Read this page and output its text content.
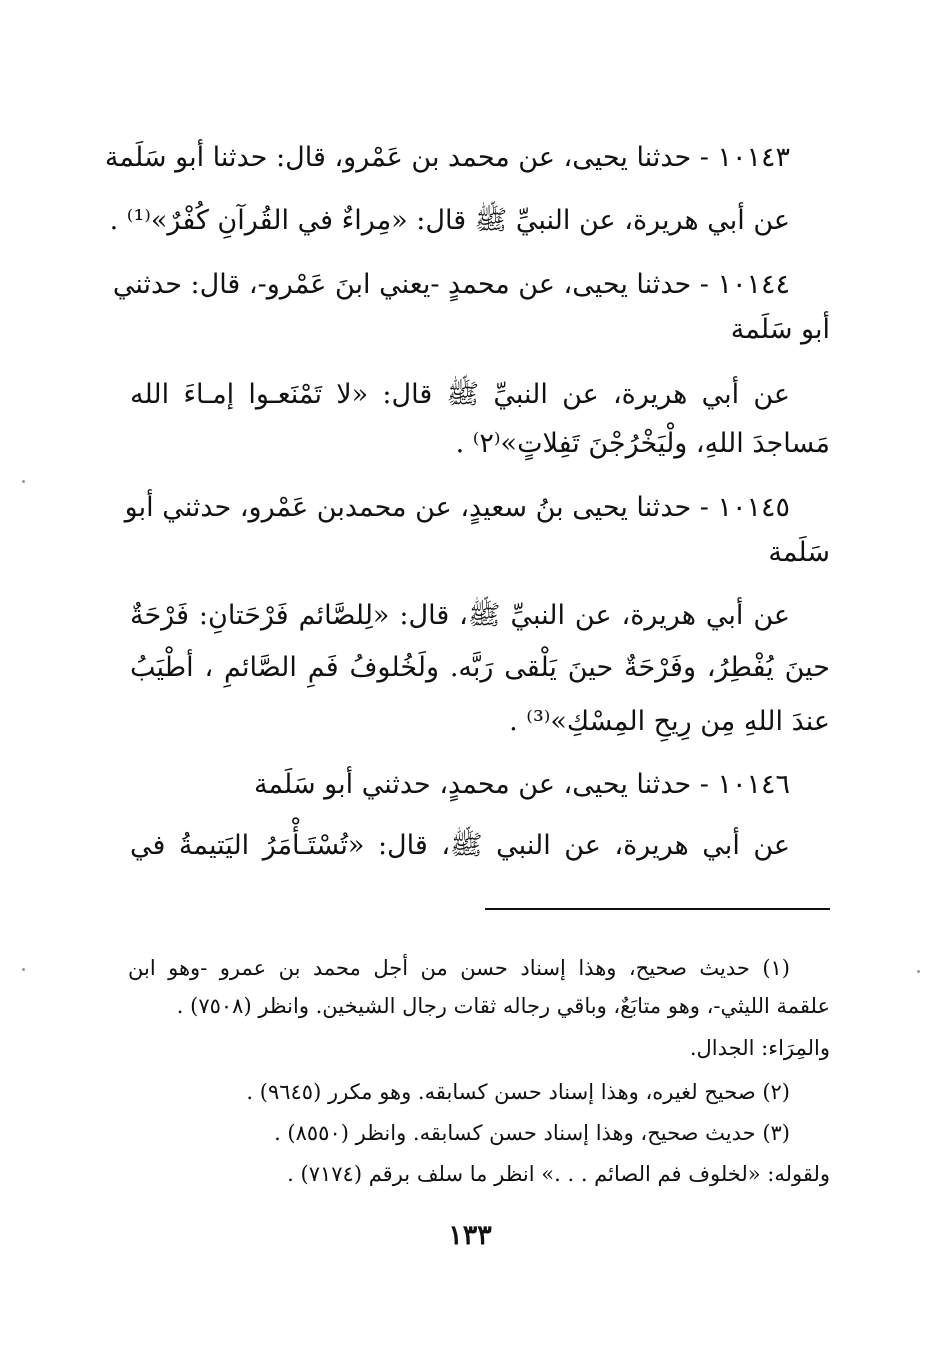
١٠١٤٣ - حدثنا يحيى، عن محمد بن عَمْرو، قال: حدثنا أبو سَلَمة
عن أبي هريرة، عن النبيِّ ﷺ قال: «مِراءٌ في القُرآنِ كُفْرٌ»⁽¹⁾ .
١٠١٤٤ - حدثنا يحيى، عن محمدٍ -يعني ابنَ عَمْرو-، قال: حدثني
أبو سَلَمة
عن أبي هريرة، عن النبيِّ ﷺ قال: «لا تَمْنَعـوا إمـاءَ الله
مَساجدَ اللهِ، ولْيَخْرُجْنَ تَفِلاتٍ»⁽٢⁾ .
١٠١٤٥ - حدثنا يحيى بنُ سعيدٍ، عن محمدبن عَمْرو، حدثني أبو
سَلَمة
عن أبي هريرة، عن النبيِّ ﷺ، قال: «لِلصَّائم فَرْحَتانِ: فَرْحَةٌ
حينَ يُفْطِرُ، وفَرْحَةٌ حينَ يَلْقى رَبَّه. ولَخُلوفُ فَمِ الصَّائمِ ، أطْيَبُ
عندَ اللهِ مِن رِيحِ المِسْكِ»⁽³⁾ .
١٠١٤٦ - حدثنا يحيى، عن محمدٍ، حدثني أبو سَلَمة
عن أبي هريرة، عن النبي ﷺ، قال: «تُسْتَـأْمَرُ اليَتيمةُ في
(١) حديث صحيح، وهذا إسناد حسن من أجل محمد بن عمرو -وهو ابن
علقمة الليثي-، وهو متابَعٌ، وباقي رجاله ثقات رجال الشيخين. وانظر (٧٥٠٨) .
والمِرَاء: الجدال.
(٢) صحيح لغيره، وهذا إسناد حسن كسابقه. وهو مكرر (٩٦٤٥) .
(٣) حديث صحيح، وهذا إسناد حسن كسابقه. وانظر (٨٥٥٠) .
ولقوله: «لخلوف فم الصائم . . .» انظر ما سلف برقم (٧١٧٤) .
١٣٣
